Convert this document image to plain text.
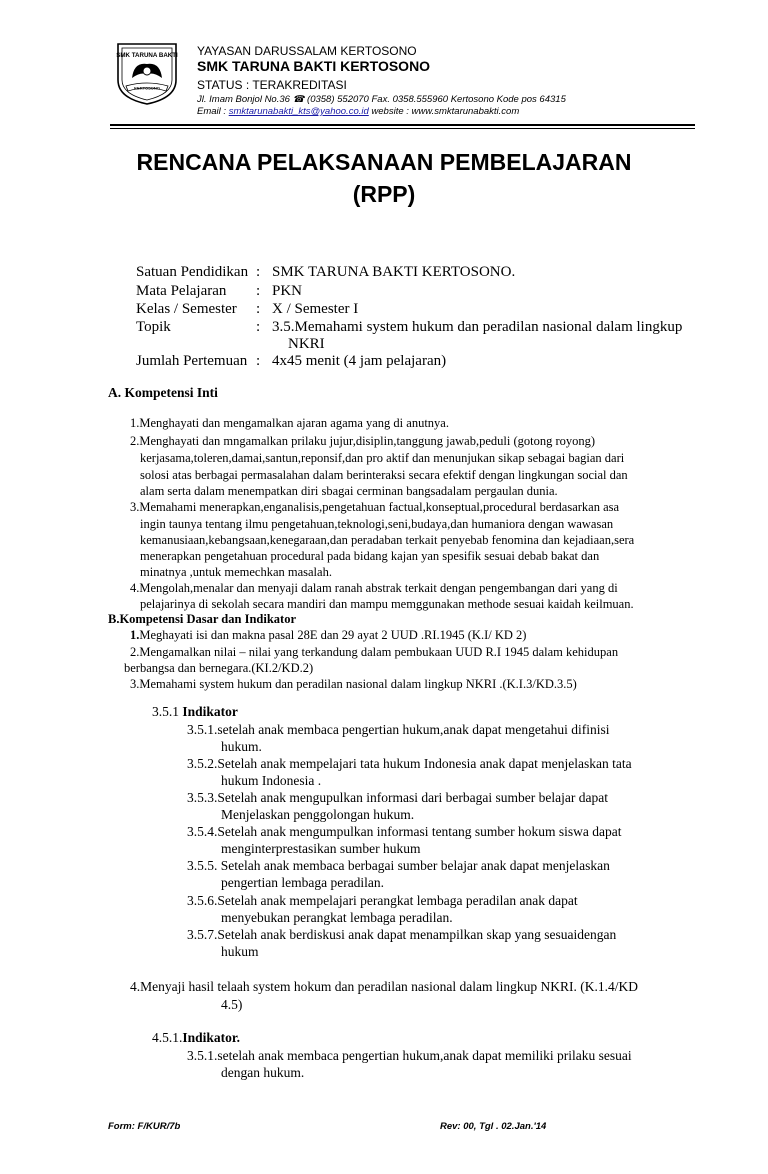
SMK TARUNA BAKTI
KERTOSONO
YAYASAN DARUSSALAM KERTOSONO
SMK TARUNA BAKTI KERTOSONO
STATUS : TERAKREDITASI
Jl. Imam Bonjol No.36 ☎ (0358) 552070 Fax. 0358.555960 Kertosono Kode pos 64315
Email : smktarunabakti_kts@yahoo.co.id website : www.smktarunabakti.com
RENCANA PELAKSANAAN PEMBELAJARAN
(RPP)
Satuan Pendidikan : SMK TARUNA BAKTI KERTOSONO.
Mata Pelajaran : PKN
Kelas / Semester : X / Semester I
Topik	: 3.5.Memahami system hukum dan peradilan nasional dalam lingkup
NKRI
Jumlah Pertemuan : 4x45 menit (4 jam pelajaran)
A. Kompetensi Inti
1.Menghayati dan mengamalkan ajaran agama yang di anutnya.
2.Menghayati dan mngamalkan prilaku jujur,disiplin,tanggung jawab,peduli (gotong royong)
kerjasama,toleren,damai,santun,reponsif,dan pro aktif dan menunjukan sikap sebagai bagian dari
solosi atas berbagai permasalahan dalam berinteraksi secara efektif dengan lingkungan social dan
alam serta dalam menempatkan diri sbagai cerminan bangsadalam pergaulan dunia.
3.Memahami menerapkan,enganalisis,pengetahuan factual,konseptual,procedural berdasarkan asa
ingin taunya tentang ilmu pengetahuan,teknologi,seni,budaya,dan humaniora dengan wawasan
kemanusiaan,kebangsaan,kenegaraan,dan peradaban terkait penyebab fenomina dan kejadiaan,sera
menerapkan pengetahuan procedural pada bidang kajan yan spesifik sesuai debab bakat dan
minatnya ,untuk memechkan masalah.
4.Mengolah,menalar dan menyaji dalam ranah abstrak terkait dengan pengembangan dari yang di
pelajarinya di sekolah secara mandiri dan mampu memggunakan methode sesuai kaidah keilmuan.
B.Kompetensi Dasar dan Indikator
1.Meghayati isi dan makna pasal 28E dan 29 ayat 2 UUD .RI.1945 (K.I/ KD 2)
2.Mengamalkan nilai – nilai yang terkandung dalam pembukaan UUD R.I 1945 dalam kehidupan
berbangsa dan bernegara.(KI.2/KD.2)
3.Memahami system hukum dan peradilan nasional dalam lingkup NKRI .(K.I.3/KD.3.5)
3.5.1 Indikator
3.5.1.setelah anak membaca pengertian hukum,anak dapat mengetahui difinisi
hukum.
3.5.2.Setelah anak mempelajari tata hukum Indonesia anak dapat menjelaskan tata
hukum Indonesia .
3.5.3.Setelah anak mengupulkan informasi dari berbagai sumber belajar dapat
Menjelaskan penggolongan hukum.
3.5.4.Setelah anak mengumpulkan informasi tentang sumber hokum siswa dapat
menginterprestasikan sumber hukum
3.5.5. Setelah anak membaca berbagai sumber belajar anak dapat menjelaskan
pengertian lembaga peradilan.
3.5.6.Setelah anak mempelajari perangkat lembaga peradilan anak dapat
menyebukan perangkat lembaga peradilan.
3.5.7.Setelah anak berdiskusi anak dapat menampilkan skap yang sesuaidengan
hukum
4.Menyaji hasil telaah system hokum dan peradilan nasional dalam lingkup NKRI. (K.1.4/KD
4.5)
4.5.1.Indikator.
3.5.1.setelah anak membaca pengertian hukum,anak dapat memiliki prilaku sesuai
dengan hukum.
Form: F/KUR/7b	Rev: 00, Tgl . 02.Jan.'14
